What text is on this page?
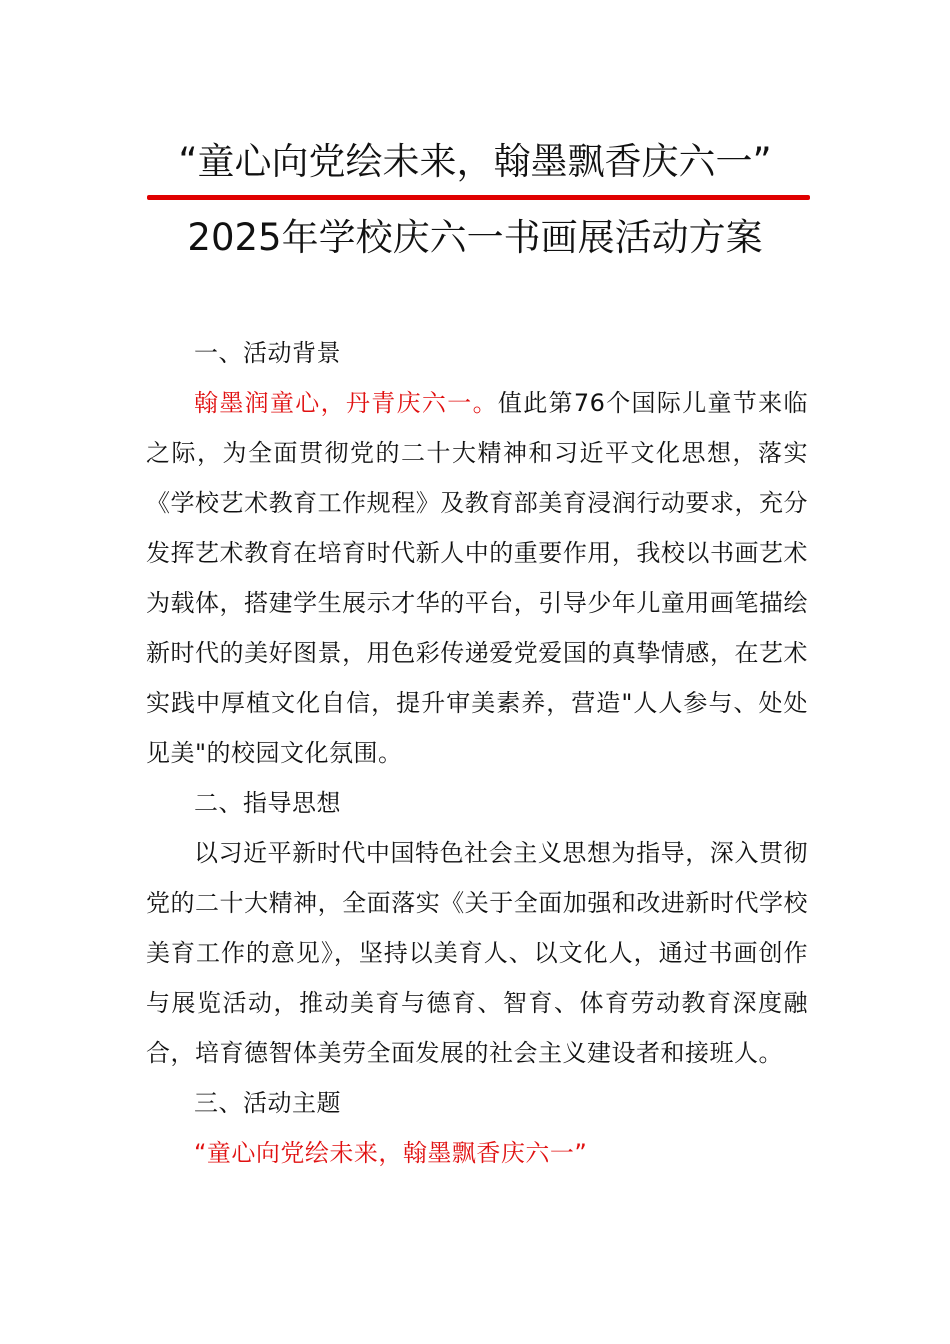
“童心向党绘未来，翰墨飘香庆六一”
2025年学校庆六一书画展活动方案

一、活动背景

翰墨润童心，丹青庆六一。值此第76个国际儿童节来临之际，为全面贯彻党的二十大精神和习近平文化思想，落实《学校艺术教育工作规程》及教育部美育浸润行动要求，充分发挥艺术教育在培育时代新人中的重要作用，我校以书画艺术为载体，搭建学生展示才华的平台，引导少年儿童用画笔描绘新时代的美好图景，用色彩传递爱党爱国的真挚情感，在艺术实践中厚植文化自信，提升审美素养，营造"人人参与、处处见美"的校园文化氛围。

二、指导思想

以习近平新时代中国特色社会主义思想为指导，深入贯彻党的二十大精神，全面落实《关于全面加强和改进新时代学校美育工作的意见》，坚持以美育人、以文化人，通过书画创作与展览活动，推动美育与德育、智育、体育劳动教育深度融合，培育德智体美劳全面发展的社会主义建设者和接班人。

三、活动主题

“童心向党绘未来，翰墨飘香庆六一”
